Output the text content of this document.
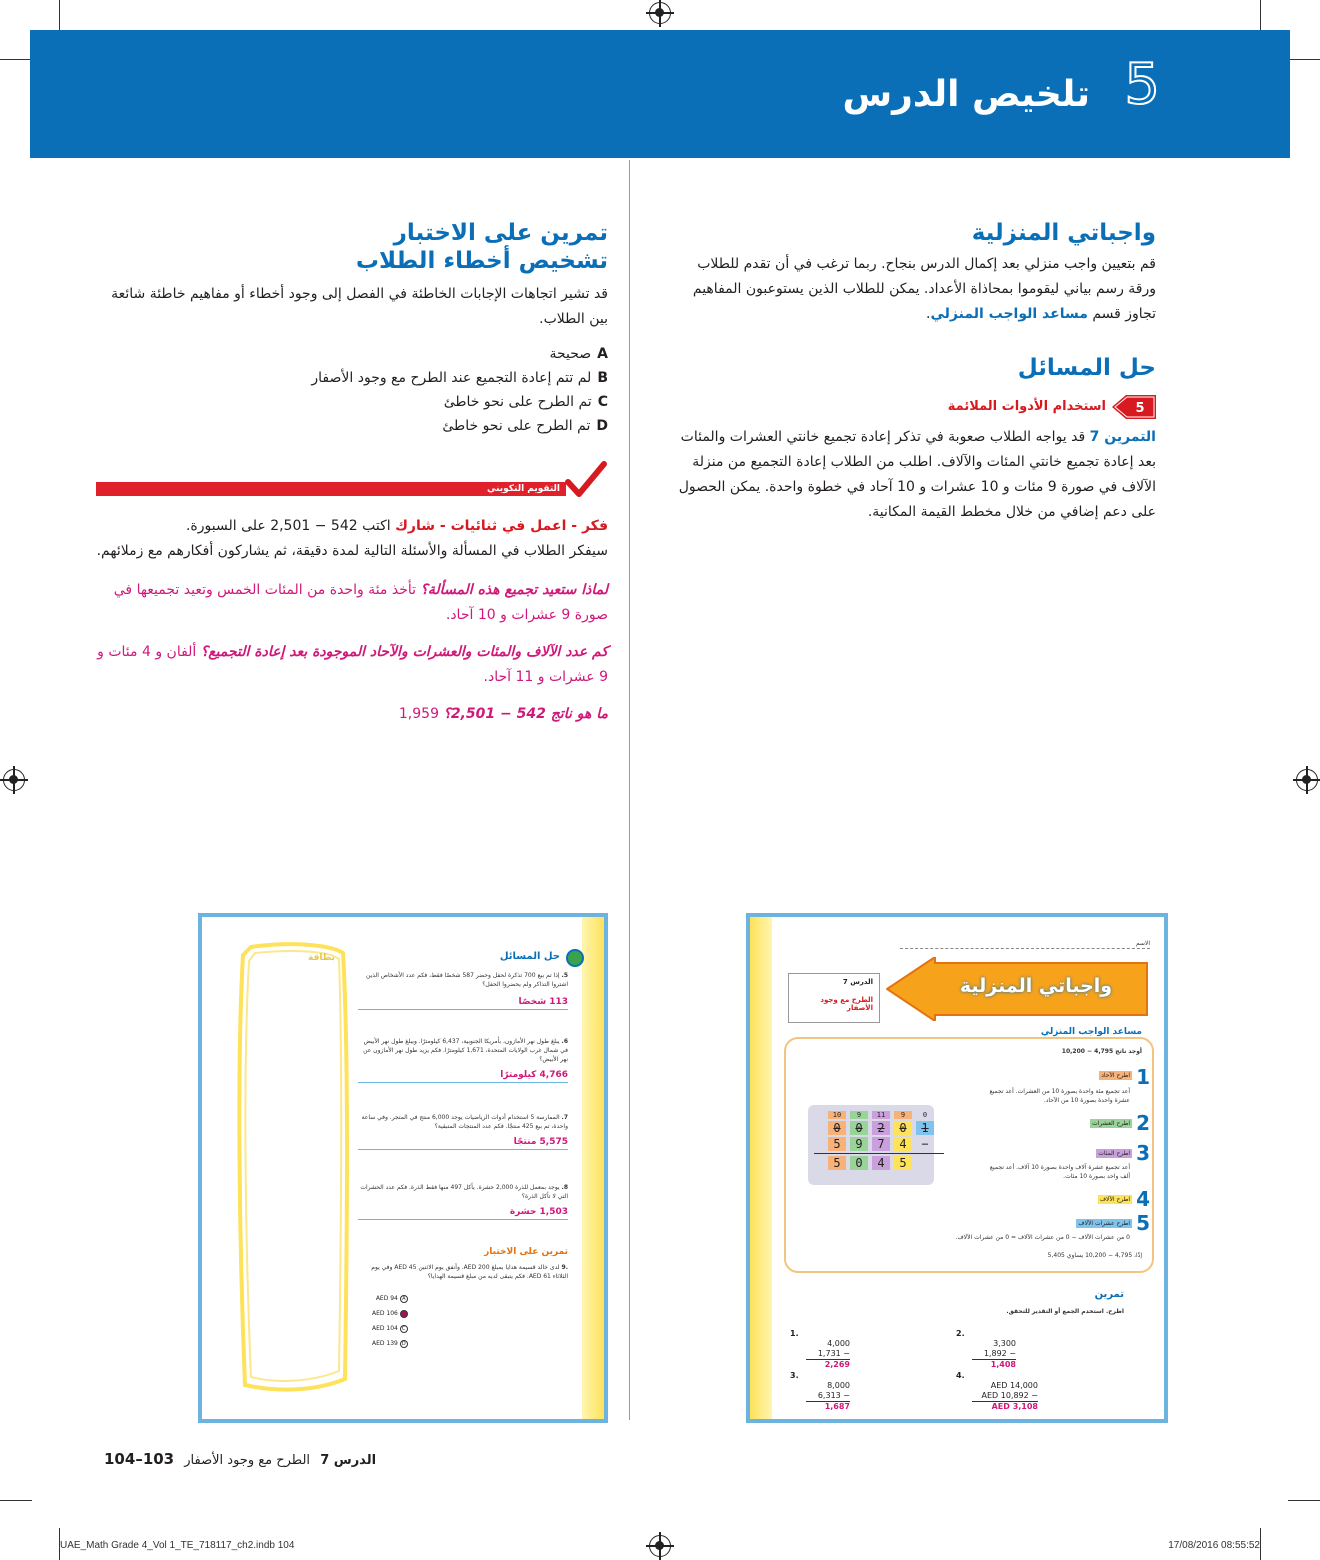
5
تلخيص الدرس
واجباتي المنزلية
قم بتعيين واجب منزلي بعد إكمال الدرس بنجاح. ربما ترغب في أن تقدم للطلاب ورقة رسم بياني ليقوموا بمحاذاة الأعداد. يمكن للطلاب الذين يستوعبون المفاهيم تجاوز قسم مساعد الواجب المنزلي.
حل المسائل
5
استخدام الأدوات الملائمة
التمرين 7 قد يواجه الطلاب صعوبة في تذكر إعادة تجميع خانتي العشرات والمئات بعد إعادة تجميع خانتي المئات والآلاف. اطلب من الطلاب إعادة التجميع من منزلة الآلاف في صورة 9 مئات و 10 عشرات و 10 آحاد في خطوة واحدة. يمكن الحصول على دعم إضافي من خلال مخطط القيمة المكانية.
تمرين على الاختبار
تشخيص أخطاء الطلاب
قد تشير اتجاهات الإجابات الخاطئة في الفصل إلى وجود أخطاء أو مفاهيم خاطئة شائعة بين الطلاب.
Aصحيحة
Bلم تتم إعادة التجميع عند الطرح مع وجود الأصفار
Cتم الطرح على نحو خاطئ
Dتم الطرح على نحو خاطئ
التقويم التكويني
فكر - اعمل في ثنائيات - شارك اكتب 542 − 2,501 على السبورة.
سيفكر الطلاب في المسألة والأسئلة التالية لمدة دقيقة، ثم يشاركون أفكارهم مع زملائهم.
لماذا ستعيد تجميع هذه المسألة؟ تأخذ مئة واحدة من المئات الخمس وتعيد تجميعها في صورة 9 عشرات و 10 آحاد.
كم عدد الآلاف والمئات والعشرات والآحاد الموجودة بعد إعادة التجميع؟ ألفان و 4 مئات و 9 عشرات و 11 آحاد.
ما هو ناتج 542 − 2,501؟ 1,959
الاسم
واجباتي المنزلية
الدرس 7
الطرح مع وجود الأصفار
مساعد الواجب المنزلي
أوجد ناتج 4,795 − 10,200
1
اطرح الآحاد
أعد تجميع مئة واحدة بصورة 10 من العشرات. أعد تجميع عشرة واحدة بصورة 10 من الآحاد.
2
اطرح العشرات
3
اطرح المئات
أعد تجميع عشرة آلاف واحدة بصورة 10 آلاف. أعد تجميع ألف واحد بصورة 10 مئات.
4
اطرح الآلاف
5
اطرح عشرات الآلاف
0 من عشرات الآلاف − 0 من عشرات الآلاف = 0 من عشرات الآلاف.
إذًا، 4,795 − 10,200 يساوي 5,405
0
9
11
9
10
1
0
2
0
0
−
4
7
9
5
5
4
0
5
تمرين
اطرح. استخدم الجمع أو التقدير للتحقق.
1.
4,000
− 1,731
2,269
2.
3,300
− 1,892
1,408
3.
8,000
− 6,313
1,687
4.
AED 14,000
− AED 10,892
AED 3,108
بطاقة	حل المسائل
5. إذا تم بيع 700 تذكرة لحفل وحضر 587 شخصًا فقط، فكم عدد الأشخاص الذين اشتروا التذاكر ولم يحضروا الحفل؟
113 شخصًا
6. يبلغ طول نهر الأمازون، بأمريكا الجنوبية، 6,437 كيلومترًا. ويبلغ طول نهر الأبيض في شمال غرب الولايات المتحدة، 1,671 كيلومترًا. فكم يزيد طول نهر الأمازون عن نهر الأبيض؟
4,766 كيلومترًا
7. الممارسة 5 استخدام أدوات الرياضيات يوجد 6,000 منتج في المتجر. وفي ساعة واحدة، تم بيع 425 منتجًا. فكم عدد المنتجات المتبقية؟
5,575 منتجًا
8. يوجد بمعمل للذرة 2,000 حشرة. يأكل 497 منها فقط الذرة. فكم عدد الحشرات التي لا تأكل الذرة؟
1,503 حشرة
تمرين على الاختبار
.9 لدى خالد قسيمة هدايا بمبلغ AED 200. وأنفق يوم الاثنين AED 45 وفي يوم الثلاثاء AED 61. فكم يتبقى لديه من مبلغ قسيمة الهدايا؟
A AED 94
AED 106
C AED 104
D AED 139
الدرس 7 الطرح مع وجود الأصفار 103–104
UAE_Math Grade 4_Vol 1_TE_718117_ch2.indb 104	17/08/2016 08:55:52
